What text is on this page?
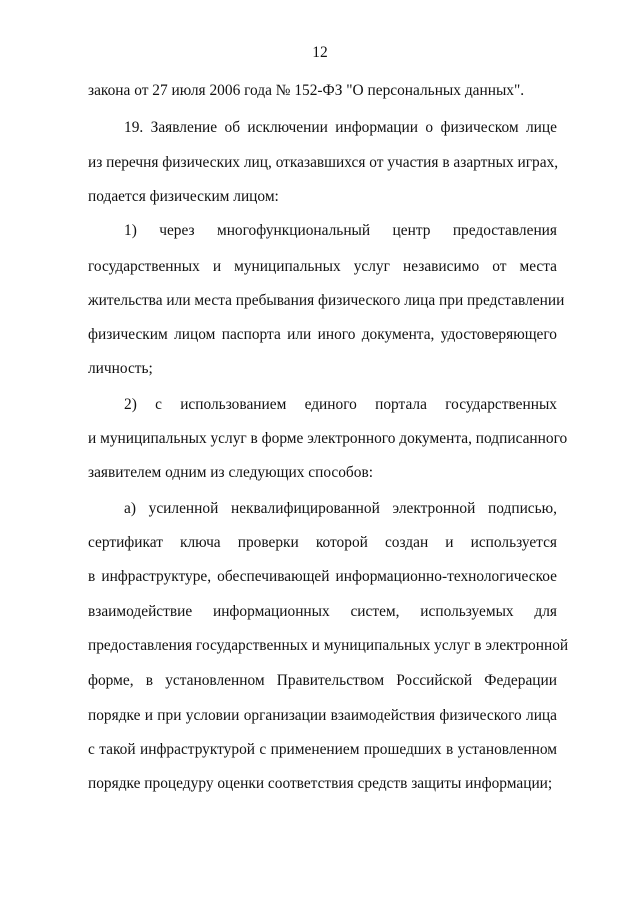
12
закона от 27 июля 2006 года № 152-ФЗ "О персональных данных".
19. Заявление об исключении информации о физическом лице
из перечня физических лиц, отказавшихся от участия в азартных играх,
подается физическим лицом:
1) через многофункциональный центр предоставления
государственных и муниципальных услуг независимо от места
жительства или места пребывания физического лица при представлении
физическим лицом паспорта или иного документа, удостоверяющего
личность;
2) с использованием единого портала государственных
и муниципальных услуг в форме электронного документа, подписанного
заявителем одним из следующих способов:
а) усиленной неквалифицированной электронной подписью,
сертификат ключа проверки которой создан и используется
в инфраструктуре, обеспечивающей информационно-технологическое
взаимодействие информационных систем, используемых для
предоставления государственных и муниципальных услуг в электронной
форме, в установленном Правительством Российской Федерации
порядке и при условии организации взаимодействия физического лица
с такой инфраструктурой с применением прошедших в установленном
порядке процедуру оценки соответствия средств защиты информации;
